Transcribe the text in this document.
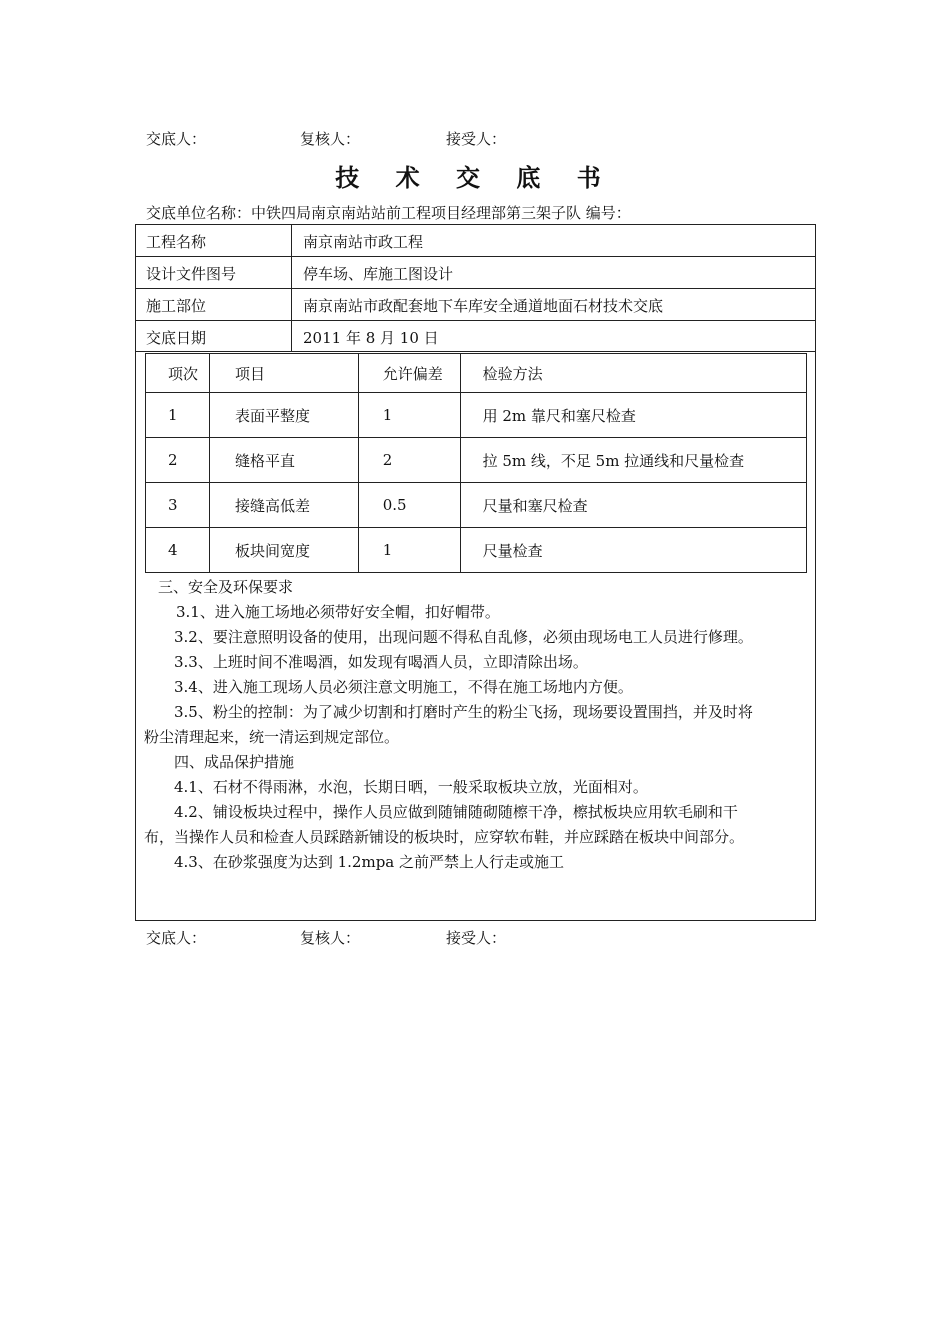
交底人：	复核人：	接受人：
技 术 交 底 书
交底单位名称：中铁四局南京南站站前工程项目经理部第三架子队 编号：
工程名称	南京南站市政工程
设计文件图号	停车场、库施工图设计
施工部位	南京南站市政配套地下车库安全通道地面石材技术交底
交底日期	2011 年 8 月 10 日
项次	项目	允许偏差	检验方法
1	表面平整度	1	用 2m 靠尺和塞尺检查
2	缝格平直	2	拉 5m 线，不足 5m 拉通线和尺量检查
3	接缝高低差	0.5	尺量和塞尺检查
4	板块间宽度	1	尺量检查

三、安全及环保要求

3.1、进入施工场地必须带好安全帽，扣好帽带。

3.2、要注意照明设备的使用，出现问题不得私自乱修，必须由现场电工人员进行修理。

3.3、上班时间不准喝酒，如发现有喝酒人员，立即清除出场。

3.4、进入施工现场人员必须注意文明施工，不得在施工场地内方便。

3.5、粉尘的控制：为了减少切割和打磨时产生的粉尘飞扬，现场要设置围挡，并及时将

粉尘清理起来，统一清运到规定部位。

四、成品保护措施

4.1、石材不得雨淋，水泡，长期日晒，一般采取板块立放，光面相对。

4.2、铺设板块过程中，操作人员应做到随铺随砌随檫干净，檫拭板块应用软毛刷和干

布，当操作人员和检查人员踩踏新铺设的板块时，应穿软布鞋，并应踩踏在板块中间部分。

4.3、在砂浆强度为达到 1.2mpa 之前严禁上人行走或施工

交底人：	复核人：	接受人：
